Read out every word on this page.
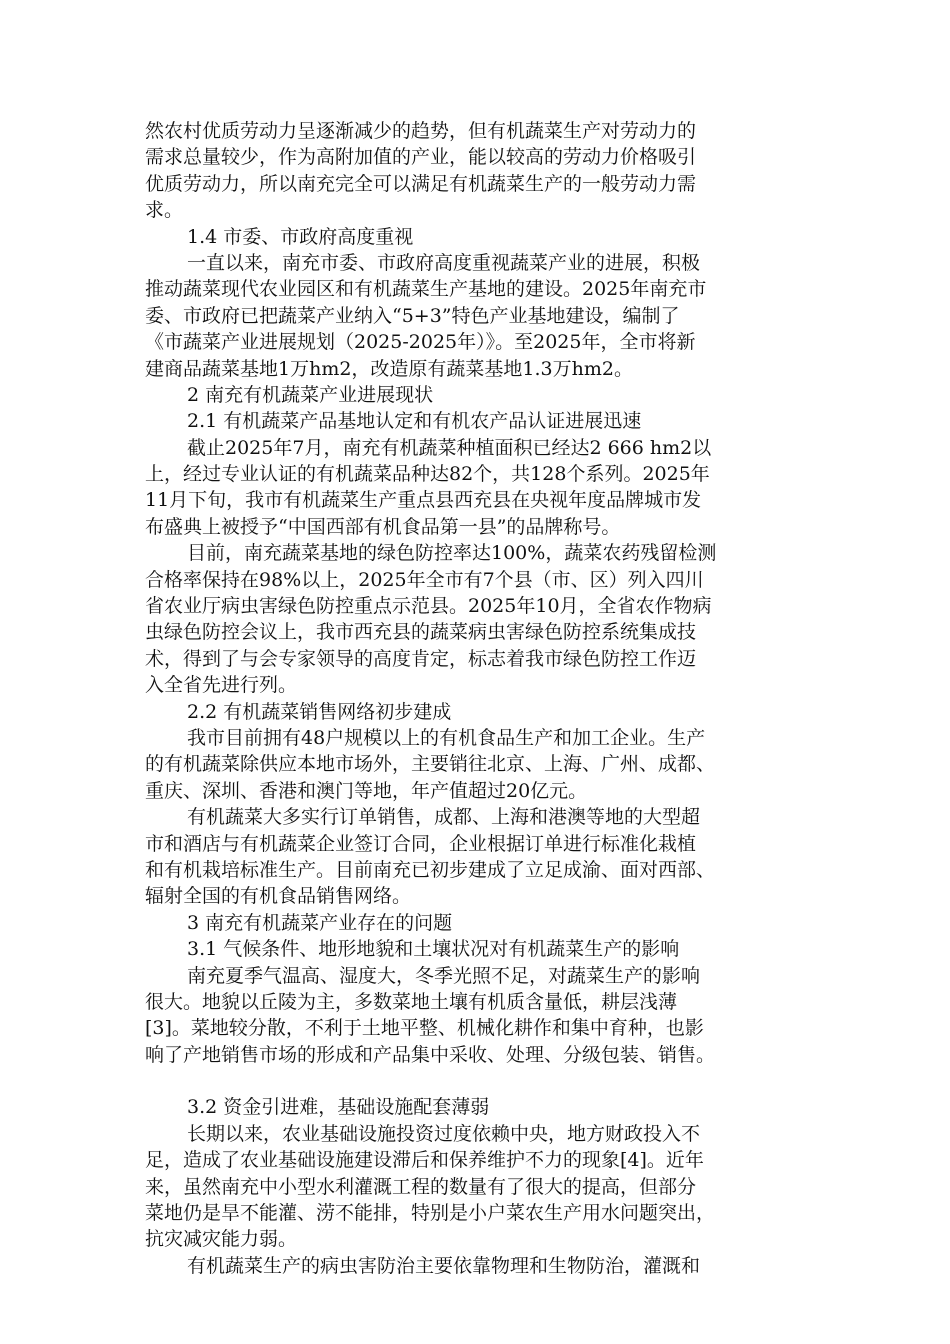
然农村优质劳动力呈逐渐减少的趋势，但有机蔬菜生产对劳动力的
需求总量较少，作为高附加值的产业，能以较高的劳动力价格吸引
优质劳动力，所以南充完全可以满足有机蔬菜生产的一般劳动力需
求。
1.4 市委、市政府高度重视
一直以来，南充市委、市政府高度重视蔬菜产业的进展，积极
推动蔬菜现代农业园区和有机蔬菜生产基地的建设。2025年南充市
委、市政府已把蔬菜产业纳入“5+3”特色产业基地建设，编制了
《市蔬菜产业进展规划（2025-2025年）》。至2025年，全市将新
建商品蔬菜基地1万hm2，改造原有蔬菜基地1.3万hm2。
2 南充有机蔬菜产业进展现状
2.1 有机蔬菜产品基地认定和有机农产品认证进展迅速
截止2025年7月，南充有机蔬菜种植面积已经达2 666 hm2以
上，经过专业认证的有机蔬菜品种达82个，共128个系列。2025年
11月下旬，我市有机蔬菜生产重点县西充县在央视年度品牌城市发
布盛典上被授予“中国西部有机食品第一县”的品牌称号。
目前，南充蔬菜基地的绿色防控率达100%，蔬菜农药残留检测
合格率保持在98%以上，2025年全市有7个县（市、区）列入四川
省农业厅病虫害绿色防控重点示范县。2025年10月，全省农作物病
虫绿色防控会议上，我市西充县的蔬菜病虫害绿色防控系统集成技
术，得到了与会专家领导的高度肯定，标志着我市绿色防控工作迈
入全省先进行列。
2.2 有机蔬菜销售网络初步建成
我市目前拥有48户规模以上的有机食品生产和加工企业。生产
的有机蔬菜除供应本地市场外，主要销往北京、上海、广州、成都、
重庆、深圳、香港和澳门等地，年产值超过20亿元。
有机蔬菜大多实行订单销售，成都、上海和港澳等地的大型超
市和酒店与有机蔬菜企业签订合同，企业根据订单进行标准化栽植
和有机栽培标准生产。目前南充已初步建成了立足成渝、面对西部、
辐射全国的有机食品销售网络。
3 南充有机蔬菜产业存在的问题
3.1 气候条件、地形地貌和土壤状况对有机蔬菜生产的影响
南充夏季气温高、湿度大，冬季光照不足，对蔬菜生产的影响
很大。地貌以丘陵为主，多数菜地土壤有机质含量低，耕层浅薄
[3]。菜地较分散，不利于土地平整、机械化耕作和集中育种，也影
响了产地销售市场的形成和产品集中采收、处理、分级包装、销售。
3.2 资金引进难，基础设施配套薄弱
长期以来，农业基础设施投资过度依赖中央，地方财政投入不
足，造成了农业基础设施建设滞后和保养维护不力的现象[4]。近年
来，虽然南充中小型水利灌溉工程的数量有了很大的提高，但部分
菜地仍是旱不能灌、涝不能排，特别是小户菜农生产用水问题突出，
抗灾减灾能力弱。
有机蔬菜生产的病虫害防治主要依靠物理和生物防治，灌溉和
